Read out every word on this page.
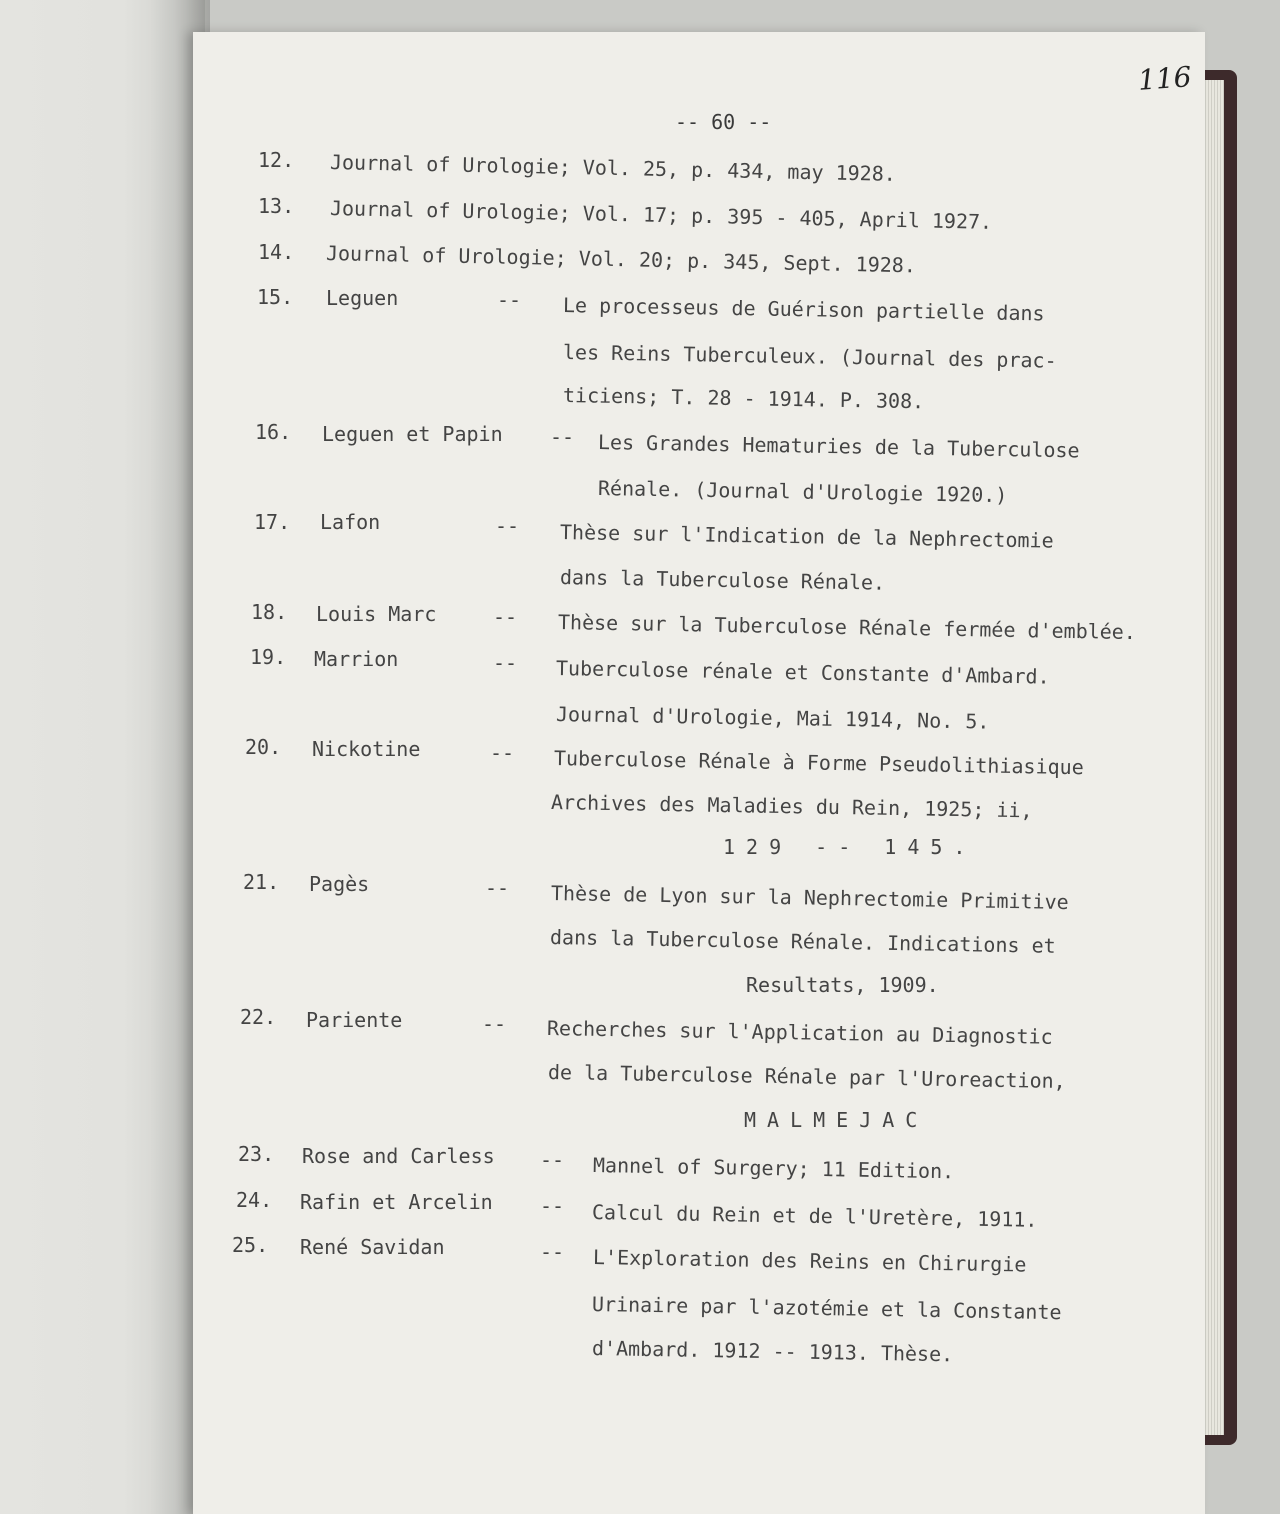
116
-- 60 --
12. Journal of Urologie; Vol. 25, p. 434, may 1928.
13. Journal of Urologie; Vol. 17; p. 395 - 405, April 1927.
14. Journal of Urologie; Vol. 20; p. 345, Sept. 1928.
15. Leguen	-- Le processeus de Guérison partielle dans
les Reins Tuberculeux. (Journal des prac-
ticiens; T. 28 - 1914. P. 308.
16. Leguen et Papin -- Les Grandes Hematuries de la Tuberculose
Rénale. (Journal d'Urologie 1920.)
17. Lafon	-- Thèse sur l'Indication de la Nephrectomie
dans la Tuberculose Rénale.
18. Louis Marc	-- Thèse sur la Tuberculose Rénale fermée d'emblée.
19. Marrion	-- Tuberculose rénale et Constante d'Ambard.
Journal d'Urologie, Mai 1914, No. 5.
20. Nickotine	-- Tuberculose Rénale à Forme Pseudolithiasique
Archives des Maladies du Rein, 1925; ii,
129 -- 145.
21. Pagès	-- Thèse de Lyon sur la Nephrectomie Primitive
dans la Tuberculose Rénale. Indications et
Resultats, 1909.
22. Pariente	-- Recherches sur l'Application au Diagnostic
de la Tuberculose Rénale par l'Uroreaction,
MALMEJAC
23. Rose and Carless -- Mannel of Surgery; 11 Edition.
24. Rafin et Arcelin -- Calcul du Rein et de l'Uretère, 1911.
25. René Savidan	-- L'Exploration des Reins en Chirurgie
Urinaire par l'azotémie et la Constante
d'Ambard. 1912 -- 1913. Thèse.
